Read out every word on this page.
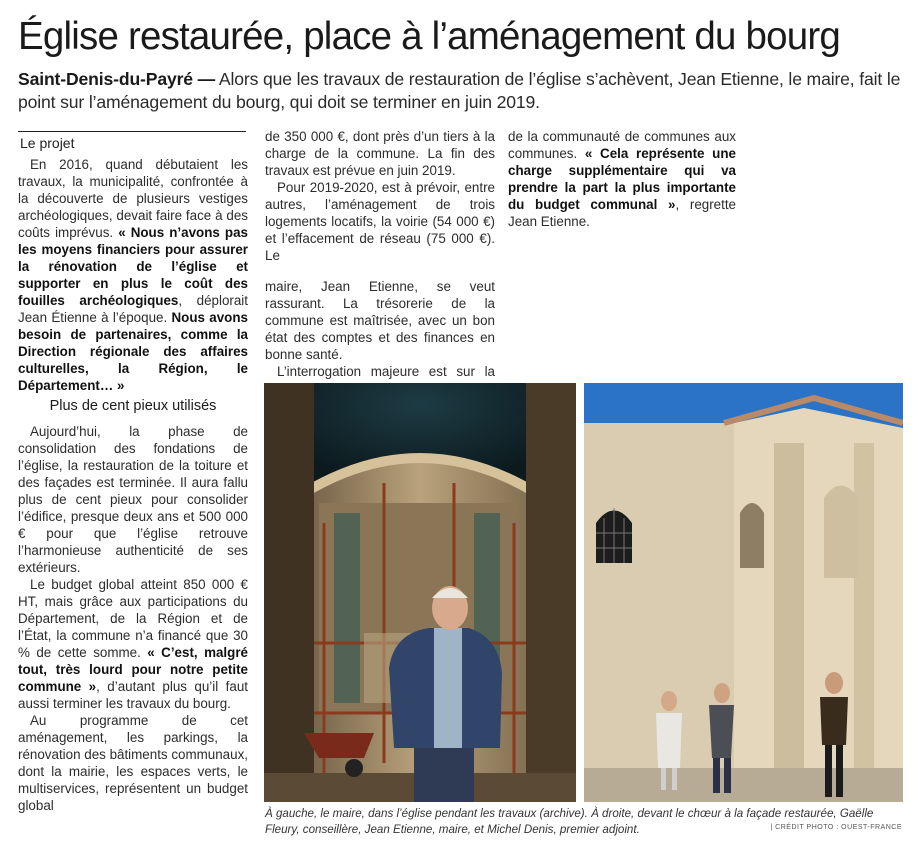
Église restaurée, place à l’aménagement du bourg

Saint-Denis-du-Payré — Alors que les travaux de restauration de l’église s’achèvent, Jean Etienne, le maire, fait le point sur l’aménagement du bourg, qui doit se terminer en juin 2019.

Le projet

En 2016, quand débutaient les travaux, la municipalité, confrontée à la découverte de plusieurs vestiges archéologiques, devait faire face à des coûts imprévus. « Nous n’avons pas les moyens financiers pour assurer la rénovation de l’église et supporter en plus le coût des fouilles archéologiques, déplorait Jean Étienne à l’époque. Nous avons besoin de partenaires, comme la Direction régionale des affaires culturelles, la Région, le Département… »

Plus de cent pieux utilisés

Aujourd’hui, la phase de consolidation des fondations de l’église, la restauration de la toiture et des façades est terminée. Il aura fallu plus de cent pieux pour consolider l’édifice, presque deux ans et 500 000 € pour que l’église retrouve l’harmonieuse authenticité de ses extérieurs.

Le budget global atteint 850 000 € HT, mais grâce aux participations du Département, de la Région et de l’État, la commune n’a financé que 30 % de cette somme. « C’est, malgré tout, très lourd pour notre petite commune », d’autant plus qu’il faut aussi terminer les travaux du bourg.

Au programme de cet aménagement, les parkings, la rénovation des bâtiments communaux, dont la mairie, les espaces verts, le multiservices, représentent un budget global

de 350 000 €, dont près d’un tiers à la charge de la commune. La fin des travaux est prévue en juin 2019.

Pour 2019-2020, est à prévoir, entre autres, l’aménagement de trois logements locatifs, la voirie (54 000 €) et l’effacement de réseau (75 000 €). Le

maire, Jean Etienne, se veut rassurant. La trésorerie de la commune est maîtrisée, avec un bon état des comptes et des finances en bonne santé.

L’interrogation majeure est sur la

de la communauté de communes aux communes. « Cela représente une charge supplémentaire qui va prendre la part la plus importante du budget communal », regrette Jean Etienne.

À gauche, le maire, dans l’église pendant les travaux (archive). À droite, devant le chœur à la façade restaurée, Gaëlle Fleury, conseillère, Jean Etienne, maire, et Michel Denis, premier adjoint.	| CRÉDIT PHOTO : OUEST-FRANCE
